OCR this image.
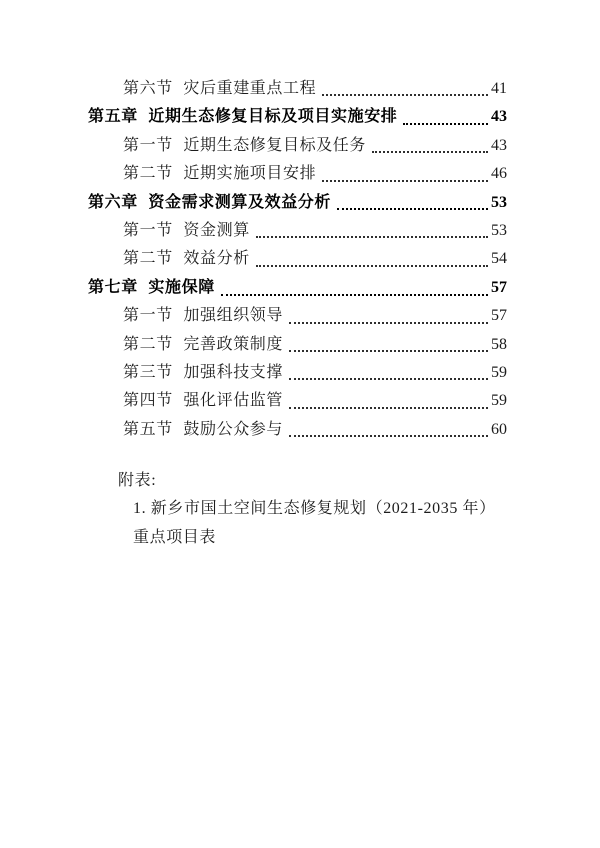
第六节 灾后重建重点工程	41
第五章 近期生态修复目标及项目实施安排	43
第一节 近期生态修复目标及任务	43
第二节 近期实施项目安排	46
第六章 资金需求测算及效益分析	53
第一节 资金测算	53
第二节 效益分析	54
第七章 实施保障	57
第一节 加强组织领导	57
第二节 完善政策制度	58
第三节 加强科技支撑	59
第四节 强化评估监管	59
第五节 鼓励公众参与	60
附表:
1. 新乡市国土空间生态修复规划（2021-2035 年）重点项目表
